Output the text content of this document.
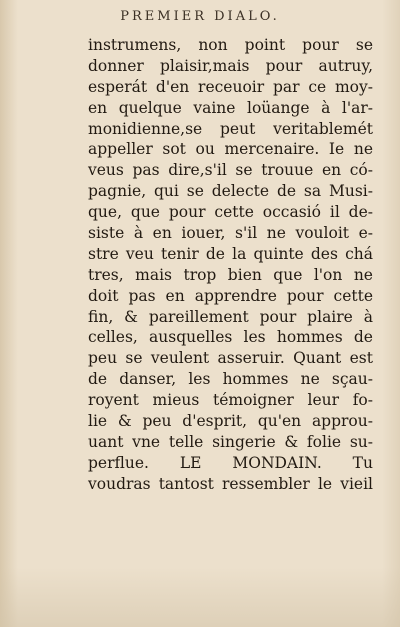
PREMIER DIALO.
instrumens, non point pour se
donner plaisir,mais pour autruy,
esperát d'en receuoir par ce moy-
en quelque vaine loüange à l'ar-
monidienne,se peut veritablemét
appeller sot ou mercenaire. Ie ne
veus pas dire,s'il se trouue en có-
pagnie, qui se delecte de sa Musi-
que, que pour cette occasió il de-
siste à en iouer, s'il ne vouloit e-
stre veu tenir de la quinte des chá
tres, mais trop bien que l'on ne
doit pas en apprendre pour cette
fin, & pareillement pour plaire à
celles, ausquelles les hommes de
peu se veulent asseruir. Quant est
de danser, les hommes ne sçau-
royent mieus témoigner leur fo-
lie & peu d'esprit, qu'en approu-
uant vne telle singerie & folie su-
perflue. LE MONDAIN. Tu
voudras tantost ressembler le vieil
